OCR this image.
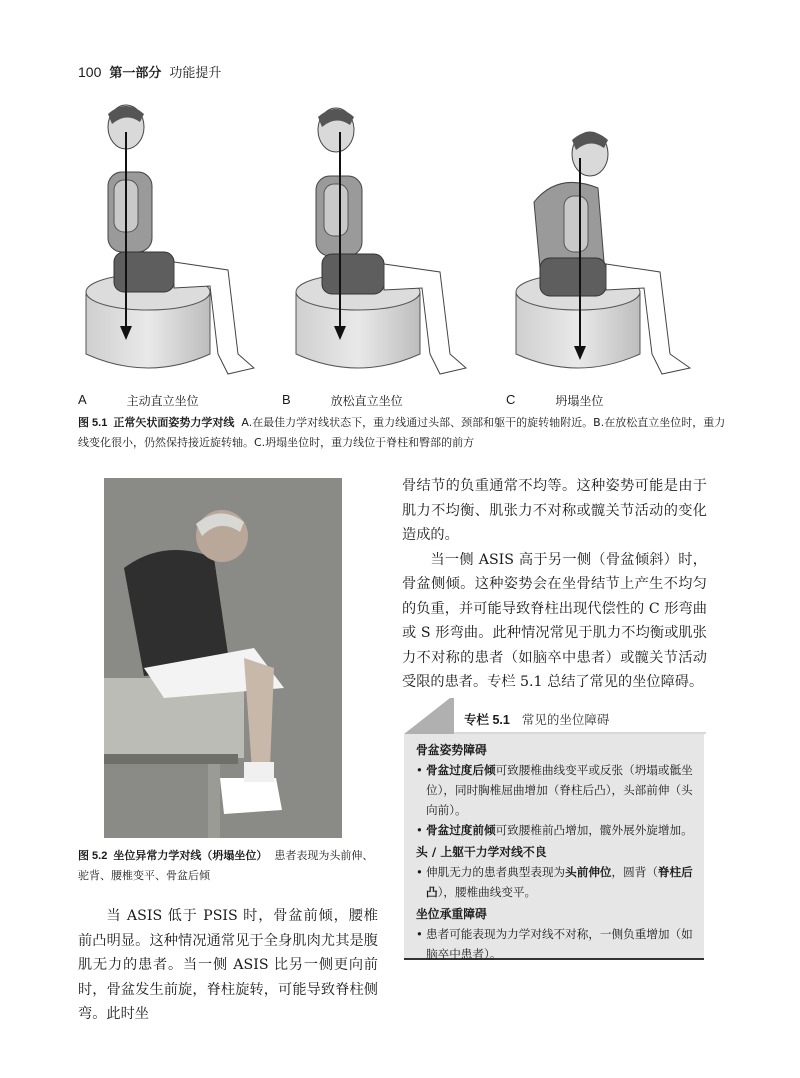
100 第一部分 功能提升
A	主动直立坐位	B	放松直立坐位	C	坍塌坐位
图 5.1 正常矢状面姿势力学对线 A.在最佳力学对线状态下，重力线通过头部、颈部和躯干的旋转轴附近。B.在放松直立坐位时，重力线变化很小，仍然保持接近旋转轴。C.坍塌坐位时，重力线位于脊柱和臀部的前方
图 5.2 坐位异常力学对线（坍塌坐位） 患者表现为头前伸、驼背、腰椎变平、骨盆后倾

当 ASIS 低于 PSIS 时，骨盆前倾，腰椎前凸明显。这种情况通常见于全身肌肉尤其是腹肌无力的患者。当一侧 ASIS 比另一侧更向前时，骨盆发生前旋，脊柱旋转，可能导致脊柱侧弯。此时坐

骨结节的负重通常不均等。这种姿势可能是由于肌力不均衡、肌张力不对称或髋关节活动的变化造成的。

当一侧 ASIS 高于另一侧（骨盆倾斜）时，骨盆侧倾。这种姿势会在坐骨结节上产生不均匀的负重，并可能导致脊柱出现代偿性的 C 形弯曲或 S 形弯曲。此种情况常见于肌力不均衡或肌张力不对称的患者（如脑卒中患者）或髋关节活动受限的患者。专栏 5.1 总结了常见的坐位障碍。

专栏 5.1 常见的坐位障碍
骨盆姿势障碍
• 骨盆过度后倾可致腰椎曲线变平或反张（坍塌或骶坐位），同时胸椎屈曲增加（脊柱后凸），头部前伸（头向前）。
• 骨盆过度前倾可致腰椎前凸增加，髋外展外旋增加。
头 / 上躯干力学对线不良
• 伸肌无力的患者典型表现为头前伸位，圆背（脊柱后凸），腰椎曲线变平。
坐位承重障碍
• 患者可能表现为力学对线不对称，一侧负重增加（如脑卒中患者）。
